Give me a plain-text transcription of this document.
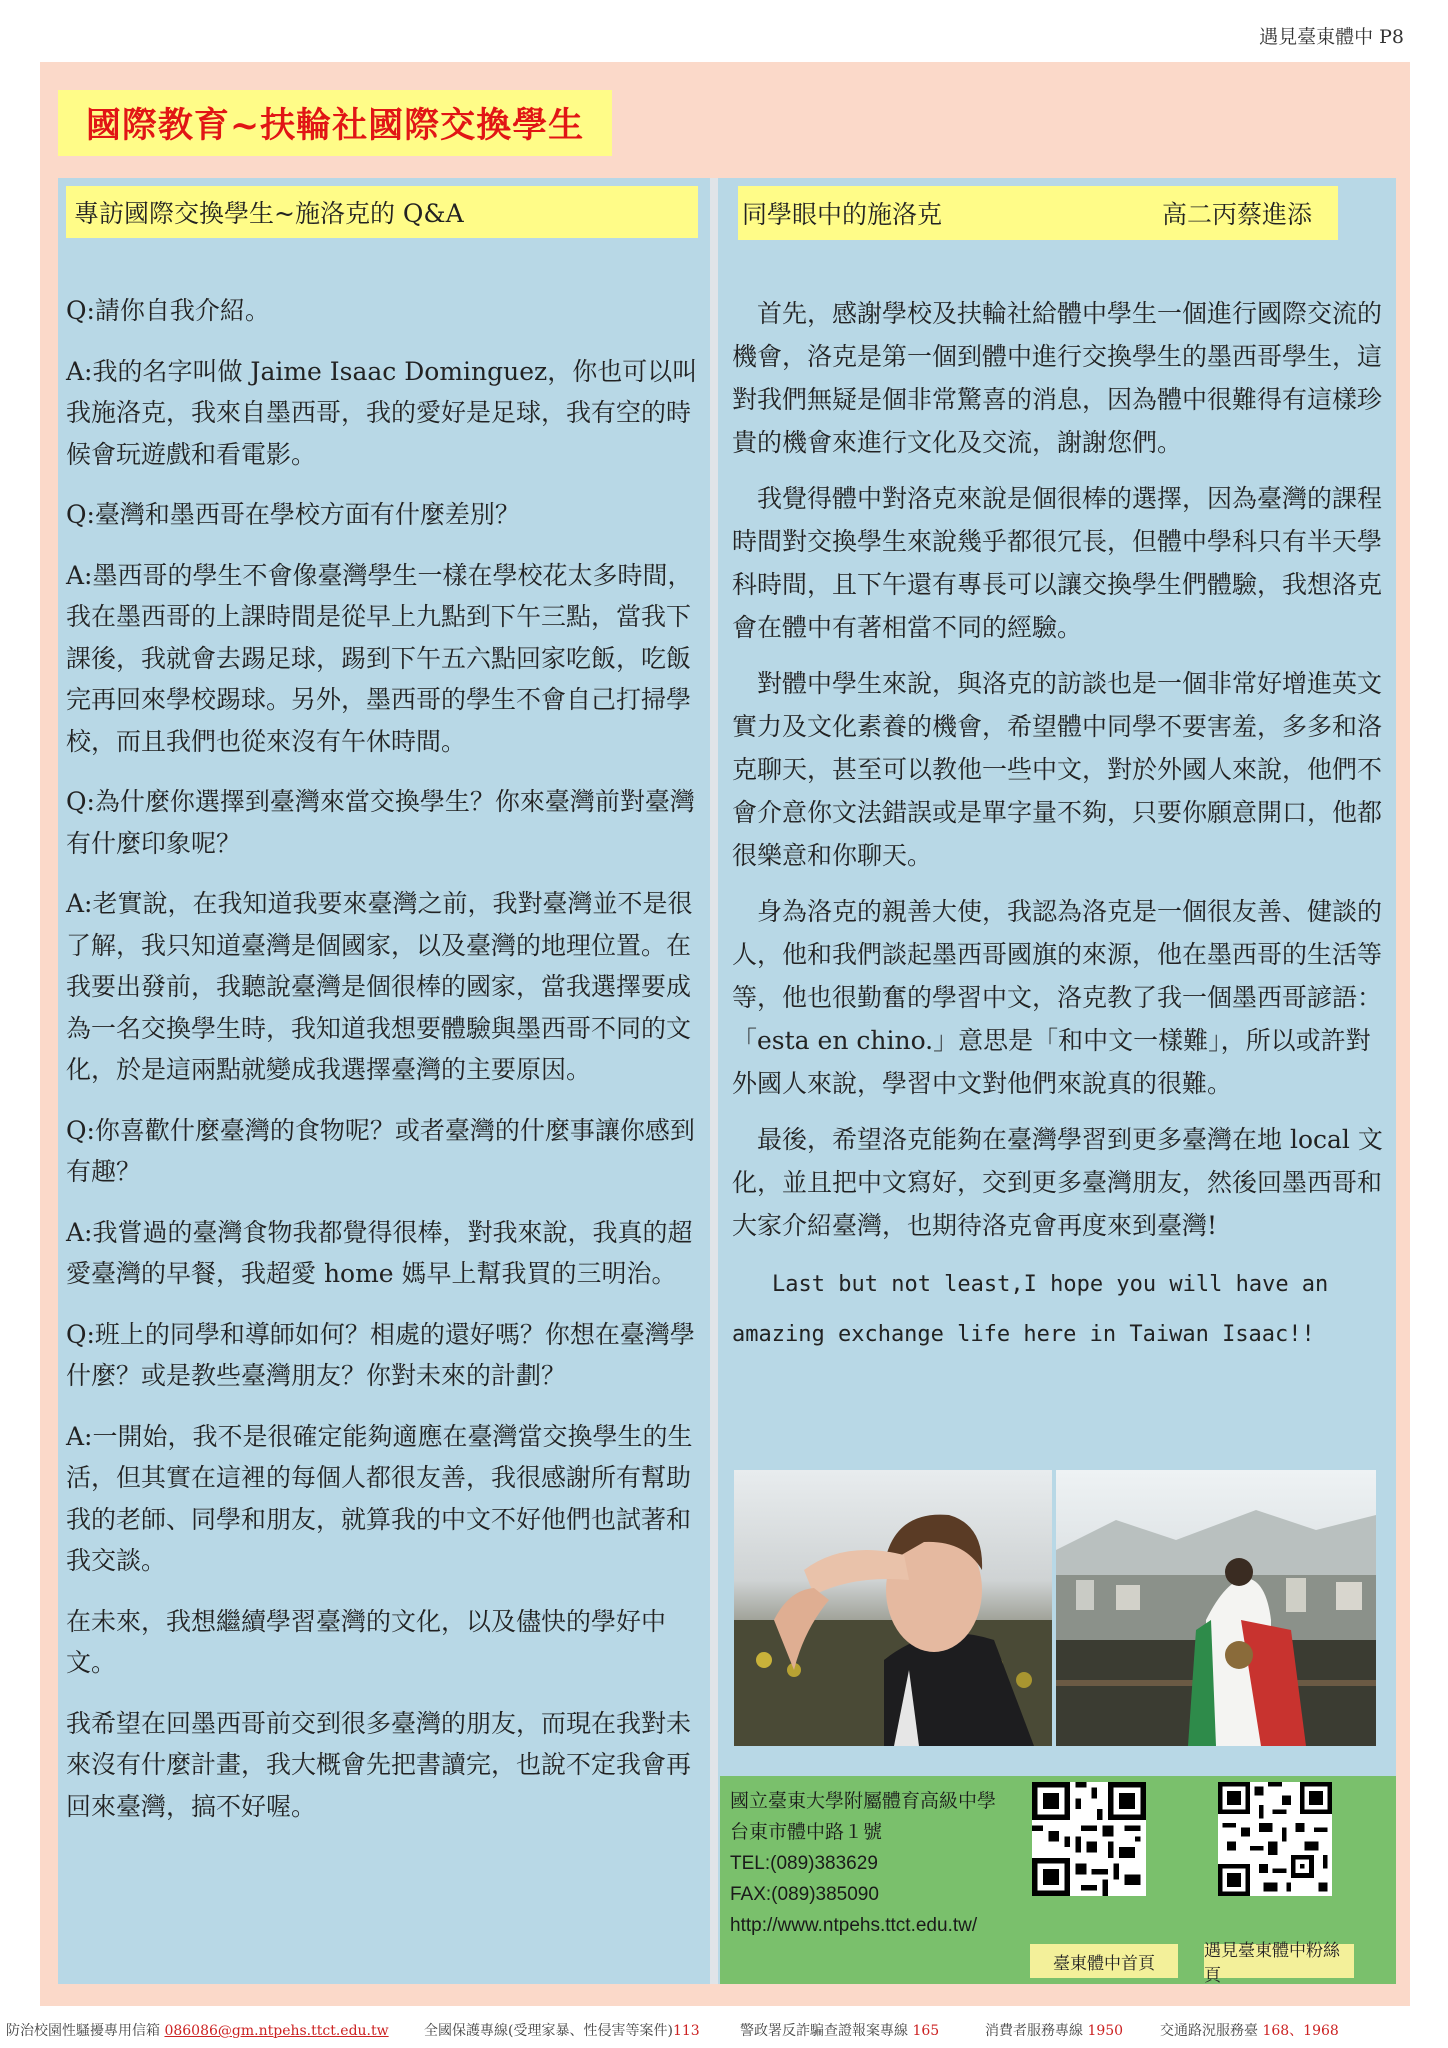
遇見臺東體中 P8
國際教育~扶輪社國際交換學生
專訪國際交換學生~施洛克的 Q&A	同學眼中的施洛克	高二丙蔡進添

Q:請你自我介紹。

A:我的名字叫做 Jaime Isaac Dominguez，你也可以叫我施洛克，我來自墨西哥，我的愛好是足球，我有空的時候會玩遊戲和看電影。

Q:臺灣和墨西哥在學校方面有什麼差別？

A:墨西哥的學生不會像臺灣學生一樣在學校花太多時間，我在墨西哥的上課時間是從早上九點到下午三點，當我下課後，我就會去踢足球，踢到下午五六點回家吃飯，吃飯完再回來學校踢球。另外，墨西哥的學生不會自己打掃學校，而且我們也從來沒有午休時間。

Q:為什麼你選擇到臺灣來當交換學生？你來臺灣前對臺灣有什麼印象呢？

A:老實說，在我知道我要來臺灣之前，我對臺灣並不是很了解，我只知道臺灣是個國家，以及臺灣的地理位置。在我要出發前，我聽說臺灣是個很棒的國家，當我選擇要成為一名交換學生時，我知道我想要體驗與墨西哥不同的文化，於是這兩點就變成我選擇臺灣的主要原因。

Q:你喜歡什麼臺灣的食物呢？或者臺灣的什麼事讓你感到有趣？

A:我嘗過的臺灣食物我都覺得很棒，對我來說，我真的超愛臺灣的早餐，我超愛 home 媽早上幫我買的三明治。

Q:班上的同學和導師如何？相處的還好嗎？你想在臺灣學什麼？或是教些臺灣朋友？你對未來的計劃？

A:一開始，我不是很確定能夠適應在臺灣當交換學生的生活，但其實在這裡的每個人都很友善，我很感謝所有幫助我的老師、同學和朋友，就算我的中文不好他們也試著和我交談。

在未來，我想繼續學習臺灣的文化，以及儘快的學好中文。

我希望在回墨西哥前交到很多臺灣的朋友，而現在我對未來沒有什麼計畫，我大概會先把書讀完，也說不定我會再回來臺灣，搞不好喔。

首先，感謝學校及扶輪社給體中學生一個進行國際交流的機會，洛克是第一個到體中進行交換學生的墨西哥學生，這對我們無疑是個非常驚喜的消息，因為體中很難得有這樣珍貴的機會來進行文化及交流，謝謝您們。

我覺得體中對洛克來說是個很棒的選擇，因為臺灣的課程時間對交換學生來說幾乎都很冗長，但體中學科只有半天學科時間，且下午還有專長可以讓交換學生們體驗，我想洛克會在體中有著相當不同的經驗。

對體中學生來說，與洛克的訪談也是一個非常好增進英文實力及文化素養的機會，希望體中同學不要害羞，多多和洛克聊天，甚至可以教他一些中文，對於外國人來說，他們不會介意你文法錯誤或是單字量不夠，只要你願意開口，他都很樂意和你聊天。

身為洛克的親善大使，我認為洛克是一個很友善、健談的人，他和我們談起墨西哥國旗的來源，他在墨西哥的生活等等，他也很勤奮的學習中文，洛克教了我一個墨西哥諺語：「esta en chino.」意思是「和中文一樣難」，所以或許對外國人來說，學習中文對他們來說真的很難。

最後，希望洛克能夠在臺灣學習到更多臺灣在地 local 文化，並且把中文寫好，交到更多臺灣朋友，然後回墨西哥和大家介紹臺灣，也期待洛克會再度來到臺灣!

Last but not least,I hope you will have an

amazing exchange life here in Taiwan Isaac!!

國立臺東大學附屬體育高級中學
台東市體中路１號
TEL:(089)383629
FAX:(089)385090
http://www.ntpehs.ttct.edu.tw/
臺東體中首頁
遇見臺東體中粉絲頁
防治校園性騷擾專用信箱 086086@gm.ntpehs.ttct.edu.tw	全國保護專線(受理家暴、性侵害等案件)113	警政署反詐騙查證報案專線 165	消費者服務專線 1950	交通路況服務臺 168、1968
